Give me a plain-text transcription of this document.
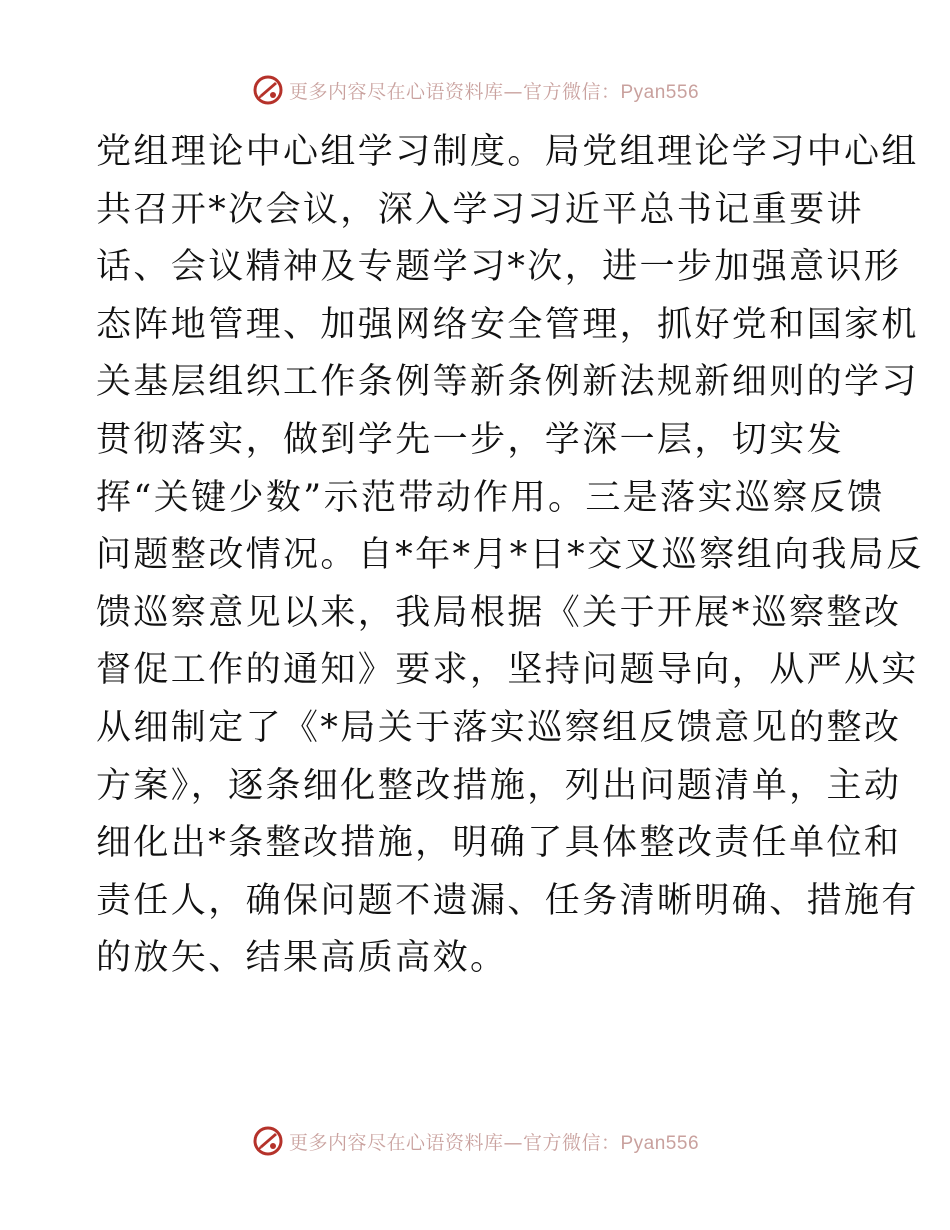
更多内容尽在心语资料库—官方微信：Pyan556
党组理论中心组学习制度。局党组理论学习中心组
共召开*次会议，深入学习习近平总书记重要讲
话、会议精神及专题学习*次，进一步加强意识形
态阵地管理、加强网络安全管理，抓好党和国家机
关基层组织工作条例等新条例新法规新细则的学习
贯彻落实，做到学先一步，学深一层，切实发
挥“关键少数”示范带动作用。三是落实巡察反馈
问题整改情况。自*年*月*日*交叉巡察组向我局反
馈巡察意见以来，我局根据《关于开展*巡察整改
督促工作的通知》要求，坚持问题导向，从严从实
从细制定了《*局关于落实巡察组反馈意见的整改
方案》，逐条细化整改措施，列出问题清单，主动
细化出*条整改措施，明确了具体整改责任单位和
责任人，确保问题不遗漏、任务清晰明确、措施有
的放矢、结果高质高效。
更多内容尽在心语资料库—官方微信：Pyan556
